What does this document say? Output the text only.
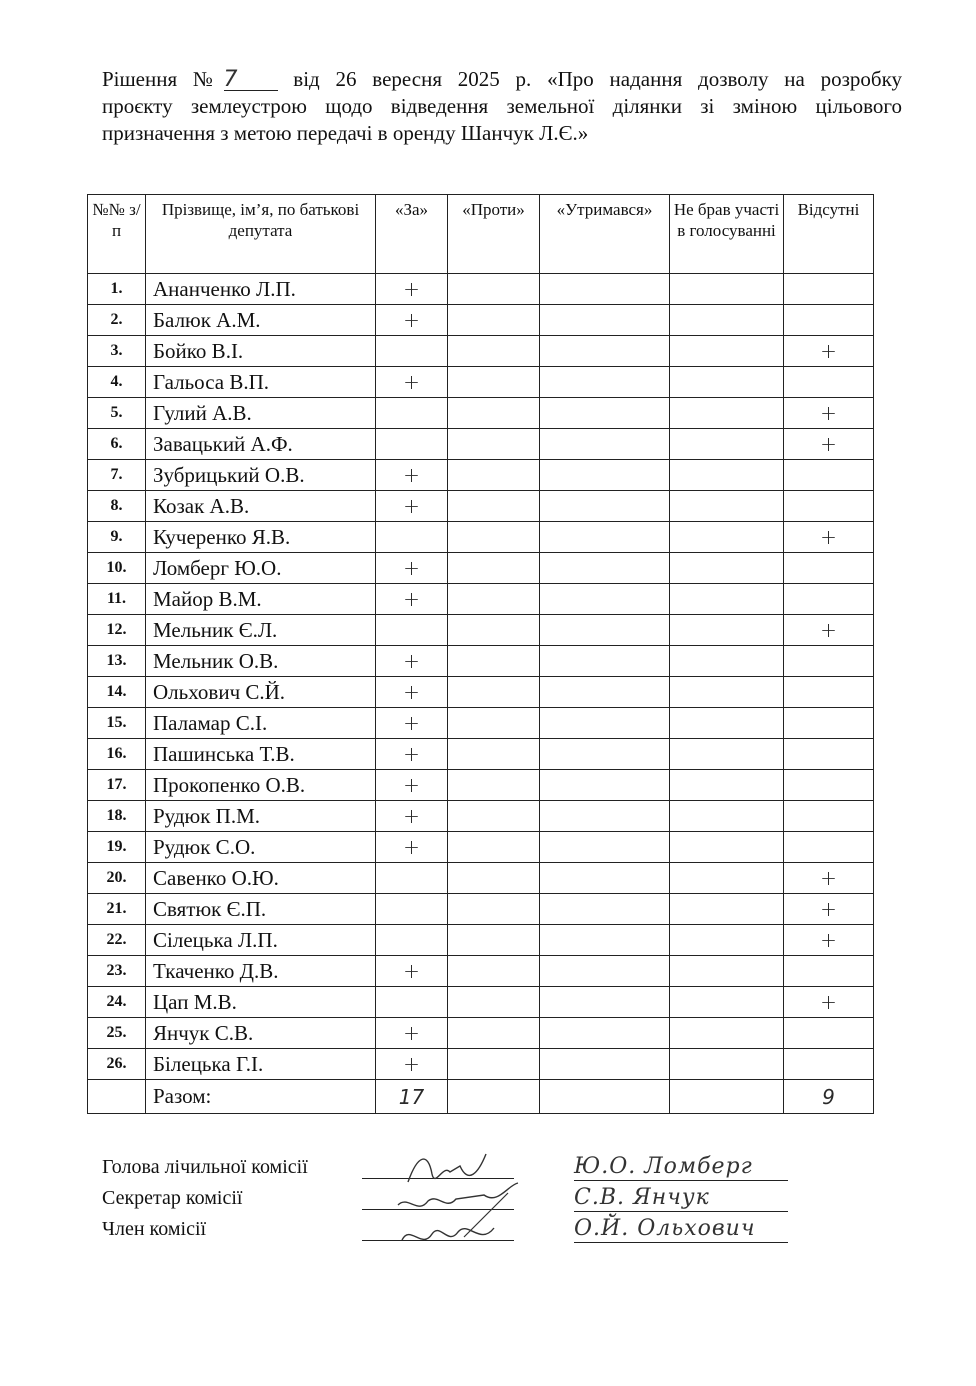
Рішення №7	від 26 вересня 2025 р. «Про надання дозволу на розробку
проєкту землеустрою щодо відведення земельної ділянки зі зміною цільового
призначення з метою передачі в оренду Шанчук Л.Є.»
№№ з/п	Прізвище, ім’я, по батькові депутата	«За»	«Проти»	«Утримався»	Не брав участі в голосуванні	Відсутні
1.	Ананченко Л.П.	+				
2.	Балюк А.М.	+				
3.	Бойко В.І.					+
4.	Гальоса В.П.	+				
5.	Гулий А.В.					+
6.	Завацький А.Ф.					+
7.	Зубрицький О.В.	+				
8.	Козак А.В.	+				
9.	Кучеренко Я.В.					+
10.	Ломберг Ю.О.	+				
11.	Майор В.М.	+				
12.	Мельник Є.Л.					+
13.	Мельник О.В.	+				
14.	Ольхович С.Й.	+				
15.	Паламар С.І.	+				
16.	Пашинська Т.В.	+				
17.	Прокопенко О.В.	+				
18.	Рудюк П.М.	+				
19.	Рудюк С.О.	+				
20.	Савенко О.Ю.					+
21.	Святюк Є.П.					+
22.	Сілецька Л.П.					+
23.	Ткаченко Д.В.	+				
24.	Цап М.В.					+
25.	Янчук С.В.	+				
26.	Білецька Г.І.	+				
	Разом:	17				9
Голова лічильної комісії	Ю.О. Ломберг
Секретар комісії	С.В. Янчук
Член комісії	О.Й. Ольхович
